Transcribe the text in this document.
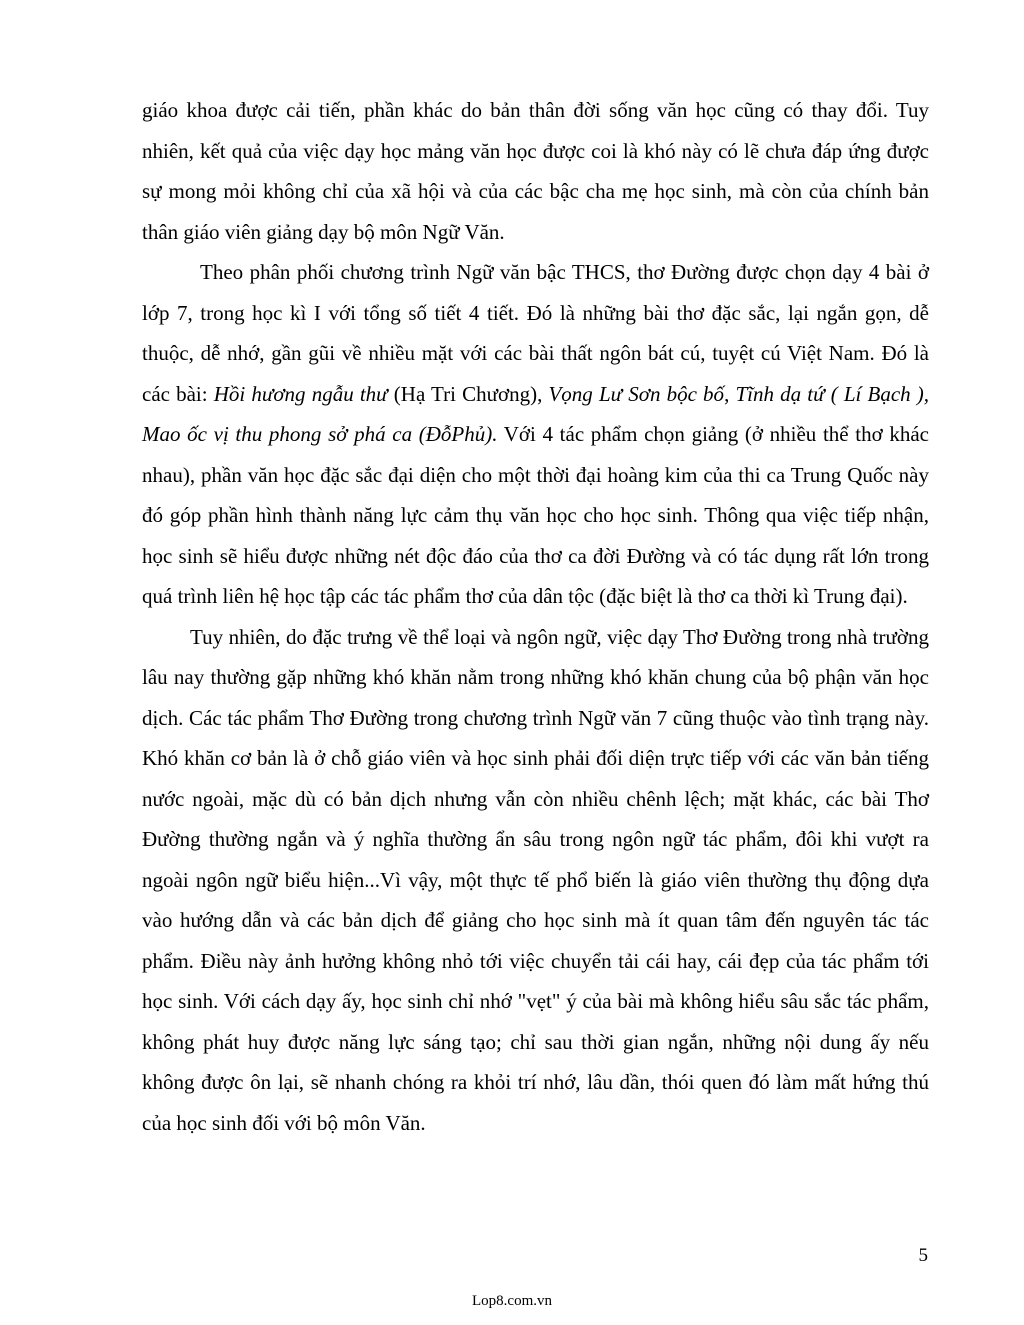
giáo khoa được cải tiến, phần khác do bản thân đời sống văn học cũng có thay đổi. Tuy nhiên, kết quả của việc dạy học mảng văn học được coi là khó này có lẽ chưa đáp ứng được sự mong mỏi không chỉ của xã hội và của các bậc cha mẹ học sinh, mà còn của chính bản thân giáo viên giảng dạy bộ môn Ngữ Văn.

Theo phân phối chương trình Ngữ văn bậc THCS, thơ Đường được chọn dạy 4 bài ở lớp 7, trong học kì I với tổng số tiết 4 tiết. Đó là những bài thơ đặc sắc, lại ngắn gọn, dễ thuộc, dễ nhớ, gần gũi về nhiều mặt với các bài thất ngôn bát cú, tuyệt cú Việt Nam. Đó là các bài: Hồi hương ngẫu thư (Hạ Tri Chương), Vọng Lư Sơn bộc bố, Tĩnh dạ tứ ( Lí Bạch ), Mao ốc vị thu phong sở phá ca (ĐỗPhủ). Với 4 tác phẩm chọn giảng (ở nhiều thể thơ khác nhau), phần văn học đặc sắc đại diện cho một thời đại hoàng kim của thi ca Trung Quốc này đó góp phần hình thành năng lực cảm thụ văn học cho học sinh. Thông qua việc tiếp nhận, học sinh sẽ hiểu được những nét độc đáo của thơ ca đời Đường và có tác dụng rất lớn trong quá trình liên hệ học tập các tác phẩm thơ của dân tộc (đặc biệt là thơ ca thời kì Trung đại).

Tuy nhiên, do đặc trưng về thể loại và ngôn ngữ, việc dạy Thơ Đường trong nhà trường lâu nay thường gặp những khó khăn nằm trong những khó khăn chung của bộ phận văn học dịch. Các tác phẩm Thơ Đường trong chương trình Ngữ văn 7 cũng thuộc vào tình trạng này. Khó khăn cơ bản là ở chỗ giáo viên và học sinh phải đối diện trực tiếp với các văn bản tiếng nước ngoài, mặc dù có bản dịch nhưng vẫn còn nhiều chênh lệch; mặt khác, các bài Thơ Đường thường ngắn và ý nghĩa thường ẩn sâu trong ngôn ngữ tác phẩm, đôi khi vượt ra ngoài ngôn ngữ biểu hiện...Vì vậy, một thực tế phổ biến là giáo viên thường thụ động dựa vào hướng dẫn và các bản dịch để giảng cho học sinh mà ít quan tâm đến nguyên tác tác phẩm. Điều này ảnh hưởng không nhỏ tới việc chuyển tải cái hay, cái đẹp của tác phẩm tới học sinh. Với cách dạy ấy, học sinh chỉ nhớ "vẹt" ý của bài mà không hiểu sâu sắc tác phẩm, không phát huy được năng lực sáng tạo; chỉ sau thời gian ngắn, những nội dung ấy nếu không được ôn lại, sẽ nhanh chóng ra khỏi trí nhớ, lâu dần, thói quen đó làm mất hứng thú của học sinh đối với bộ môn Văn.

5
Lop8.com.vn
